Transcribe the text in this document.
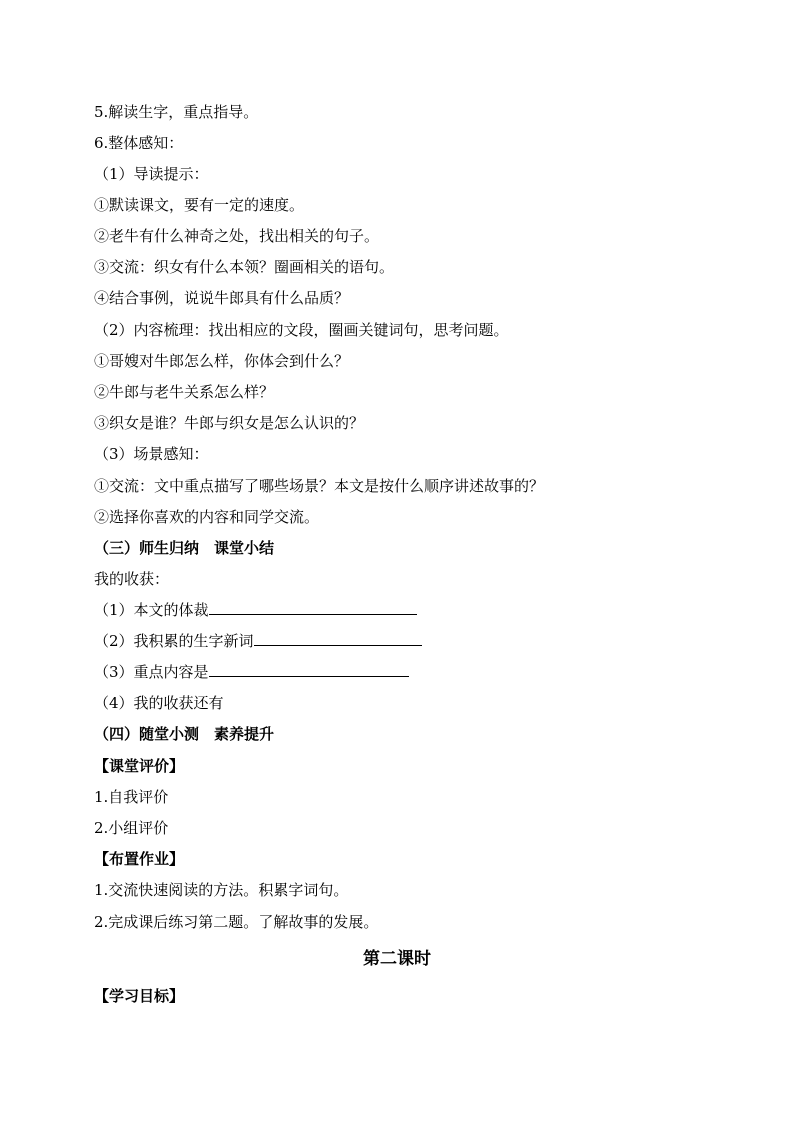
5.解读生字，重点指导。
6.整体感知：
（1）导读提示：
①默读课文，要有一定的速度。
②老牛有什么神奇之处，找出相关的句子。
③交流：织女有什么本领？圈画相关的语句。
④结合事例，说说牛郎具有什么品质？
（2）内容梳理：找出相应的文段，圈画关键词句，思考问题。
①哥嫂对牛郎怎么样，你体会到什么？
②牛郎与老牛关系怎么样？
③织女是谁？牛郎与织女是怎么认识的？
（3）场景感知：
①交流：文中重点描写了哪些场景？本文是按什么顺序讲述故事的？
②选择你喜欢的内容和同学交流。
（三）师生归纳　课堂小结
我的收获：
（1）本文的体裁
（2）我积累的生字新词
（3）重点内容是
（4）我的收获还有
（四）随堂小测　素养提升
【课堂评价】
1.自我评价
2.小组评价
【布置作业】
1.交流快速阅读的方法。积累字词句。
2.完成课后练习第二题。了解故事的发展。
第二课时
【学习目标】
